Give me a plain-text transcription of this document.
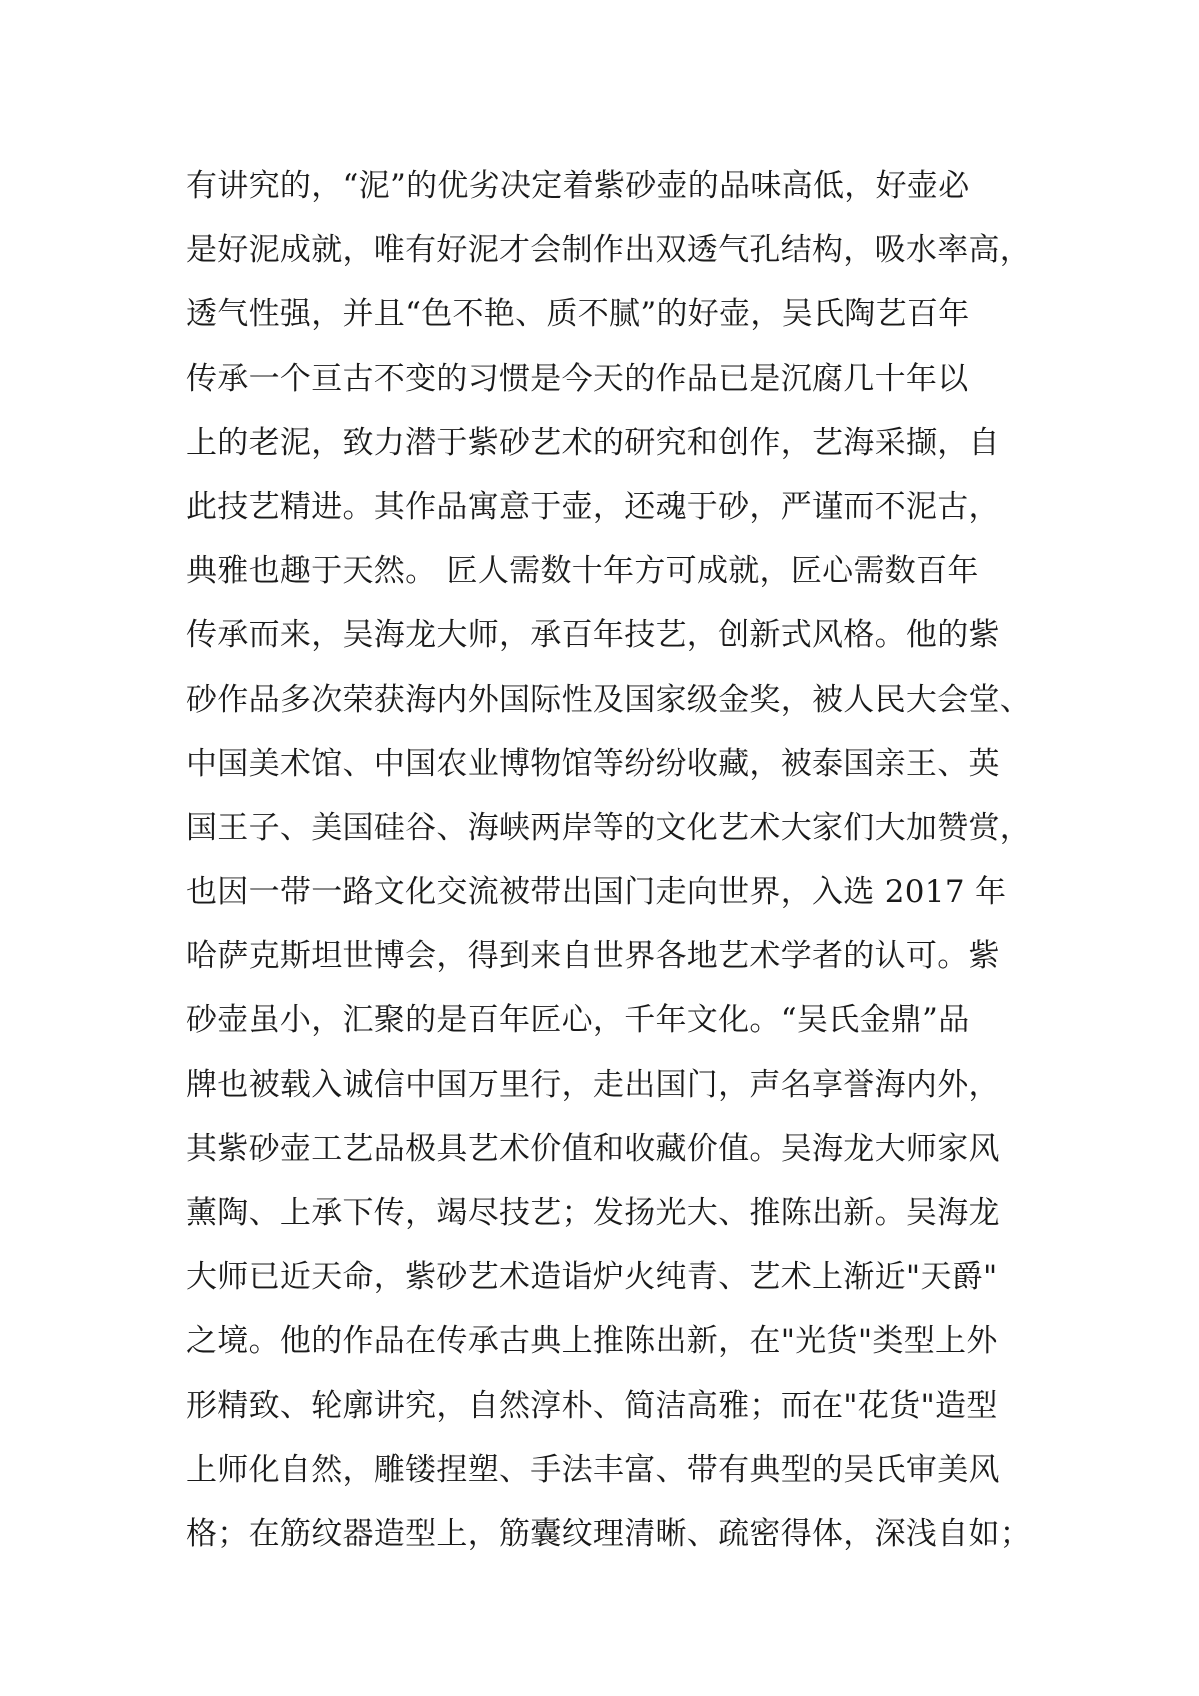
有讲究的，“泥”的优劣决定着紫砂壶的品味高低，好壶必
是好泥成就，唯有好泥才会制作出双透气孔结构，吸水率高，
透气性强，并且“色不艳、质不腻”的好壶，吴氏陶艺百年
传承一个亘古不变的习惯是今天的作品已是沉腐几十年以
上的老泥，致力潜于紫砂艺术的研究和创作，艺海采撷，自
此技艺精进。其作品寓意于壶，还魂于砂，严谨而不泥古，
典雅也趣于天然。 匠人需数十年方可成就，匠心需数百年
传承而来，吴海龙大师，承百年技艺，创新式风格。他的紫
砂作品多次荣获海内外国际性及国家级金奖，被人民大会堂、
中国美术馆、中国农业博物馆等纷纷收藏，被泰国亲王、英
国王子、美国硅谷、海峡两岸等的文化艺术大家们大加赞赏，
也因一带一路文化交流被带出国门走向世界，入选 2017 年
哈萨克斯坦世博会，得到来自世界各地艺术学者的认可。紫
砂壶虽小，汇聚的是百年匠心，千年文化。“吴氏金鼎”品
牌也被载入诚信中国万里行，走出国门，声名享誉海内外，
其紫砂壶工艺品极具艺术价值和收藏价值。吴海龙大师家风
薰陶、上承下传，竭尽技艺；发扬光大、推陈出新。吴海龙
大师已近天命，紫砂艺术造诣炉火纯青、艺术上渐近"天爵"
之境。他的作品在传承古典上推陈出新，在"光货"类型上外
形精致、轮廓讲究，自然淳朴、简洁高雅；而在"花货"造型
上师化自然，雕镂捏塑、手法丰富、带有典型的吴氏审美风
格；在筋纹器造型上，筋囊纹理清晰、疏密得体，深浅自如；
